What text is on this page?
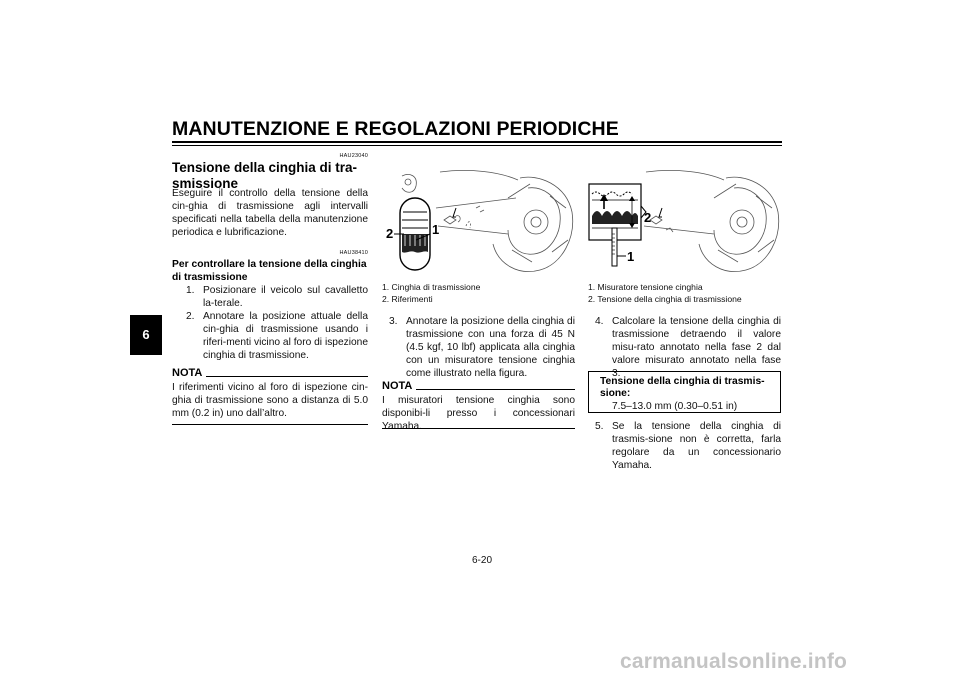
MANUTENZIONE E REGOLAZIONI PERIODICHE
6
HAU23040
Tensione della cinghia di tra-smissione
Eseguire il controllo della tensione della cin-ghia di trasmissione agli intervalli specificati nella tabella della manutenzione periodica e lubrificazione.
HAU38410
Per controllare la tensione della cinghia di trasmissione
1. Posizionare il veicolo sul cavalletto la-terale.
2. Annotare la posizione attuale della cin-ghia di trasmissione usando i riferi-menti vicino al foro di ispezione cinghia di trasmissione.
NOTA
I riferimenti vicino al foro di ispezione cin-ghia di trasmissione sono a distanza di 5.0 mm (0.2 in) uno dall’altro.
2	1
1. Cinghia di trasmissione
2. Riferimenti
3. Annotare la posizione della cinghia di trasmissione con una forza di 45 N (4.5 kgf, 10 lbf) applicata alla cinghia con un misuratore tensione cinghia come illustrato nella figura.
NOTA
I misuratori tensione cinghia sono disponibi-li presso i concessionari Yamaha.
2
1
1. Misuratore tensione cinghia
2. Tensione della cinghia di trasmissione
4. Calcolare la tensione della cinghia di trasmissione detraendo il valore misu-rato annotato nella fase 2 dal valore misurato annotato nella fase 3.
Tensione della cinghia di trasmis-sione:
7.5–13.0 mm (0.30–0.51 in)
5. Se la tensione della cinghia di trasmis-sione non è corretta, farla regolare da un concessionario Yamaha.
6-20
carmanualsonline.info
